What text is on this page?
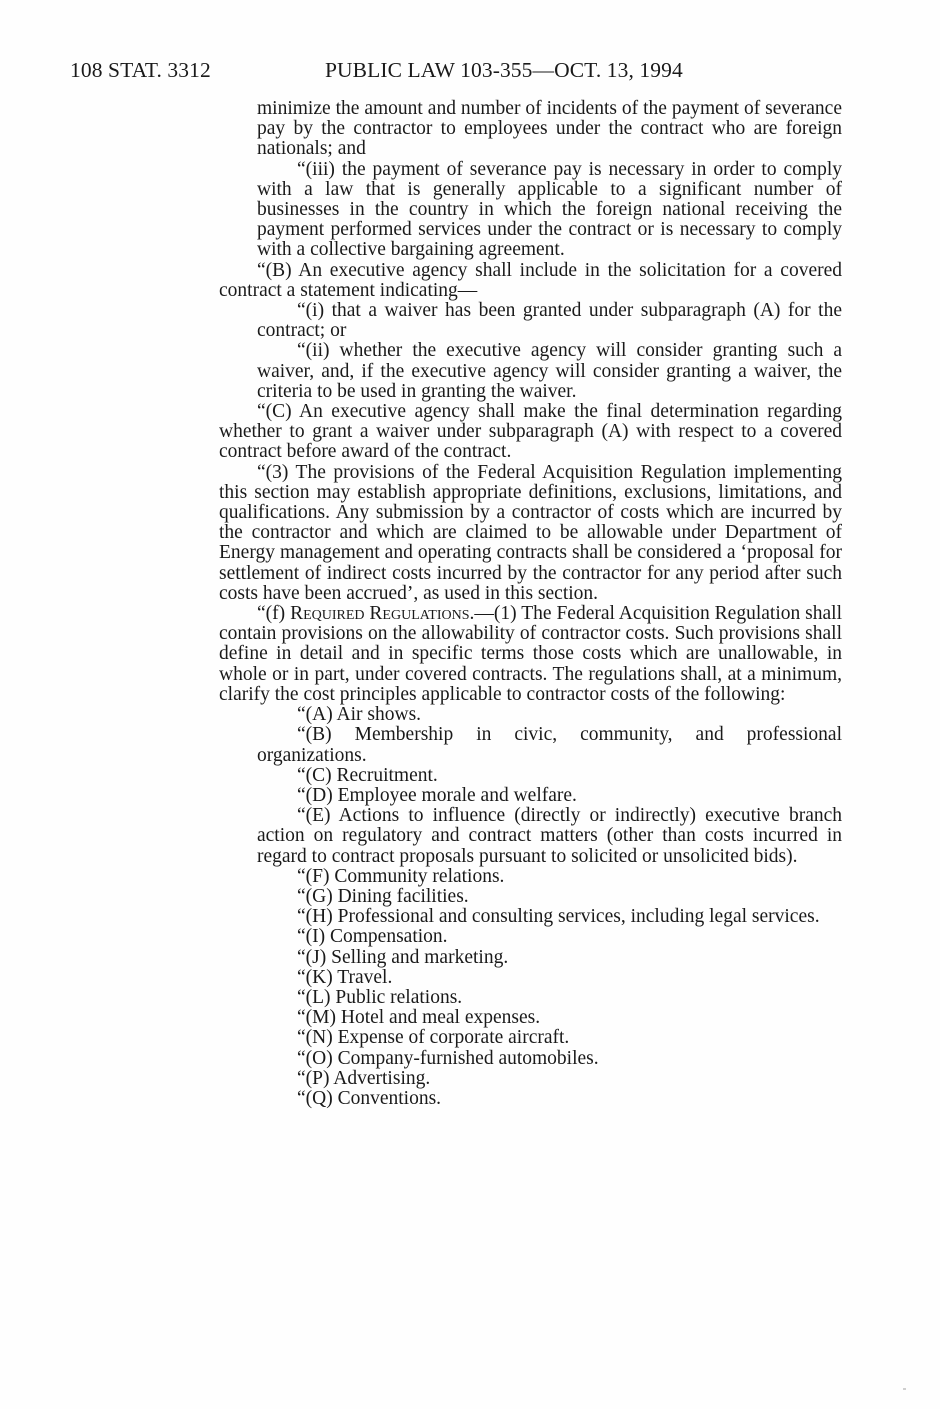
108 STAT. 3312	PUBLIC LAW 103-355—OCT. 13, 1994

minimize the amount and number of incidents of the payment of severance pay by the contractor to employees under the contract who are foreign nationals; and

“(iii) the payment of severance pay is necessary in order to comply with a law that is generally applicable to a significant number of businesses in the country in which the foreign national receiving the payment performed services under the contract or is necessary to comply with a collective bargaining agreement.

“(B) An executive agency shall include in the solicitation for a covered contract a statement indicating—

“(i) that a waiver has been granted under subparagraph (A) for the contract; or

“(ii) whether the executive agency will consider granting such a waiver, and, if the executive agency will consider granting a waiver, the criteria to be used in granting the waiver.

“(C) An executive agency shall make the final determination regarding whether to grant a waiver under subparagraph (A) with respect to a covered contract before award of the contract.

“(3) The provisions of the Federal Acquisition Regulation implementing this section may establish appropriate definitions, exclusions, limitations, and qualifications. Any submission by a contractor of costs which are incurred by the contractor and which are claimed to be allowable under Department of Energy management and operating contracts shall be considered a ‘proposal for settlement of indirect costs incurred by the contractor for any period after such costs have been accrued’, as used in this section.

“(f) Required Regulations.—(1) The Federal Acquisition Regulation shall contain provisions on the allowability of contractor costs. Such provisions shall define in detail and in specific terms those costs which are unallowable, in whole or in part, under covered contracts. The regulations shall, at a minimum, clarify the cost principles applicable to contractor costs of the following:

“(A) Air shows.

“(B) Membership in civic, community, and professional organizations.

“(C) Recruitment.

“(D) Employee morale and welfare.

“(E) Actions to influence (directly or indirectly) executive branch action on regulatory and contract matters (other than costs incurred in regard to contract proposals pursuant to solicited or unsolicited bids).

“(F) Community relations.

“(G) Dining facilities.

“(H) Professional and consulting services, including legal services.

“(I) Compensation.

“(J) Selling and marketing.

“(K) Travel.

“(L) Public relations.

“(M) Hotel and meal expenses.

“(N) Expense of corporate aircraft.

“(O) Company-furnished automobiles.

“(P) Advertising.

“(Q) Conventions.
